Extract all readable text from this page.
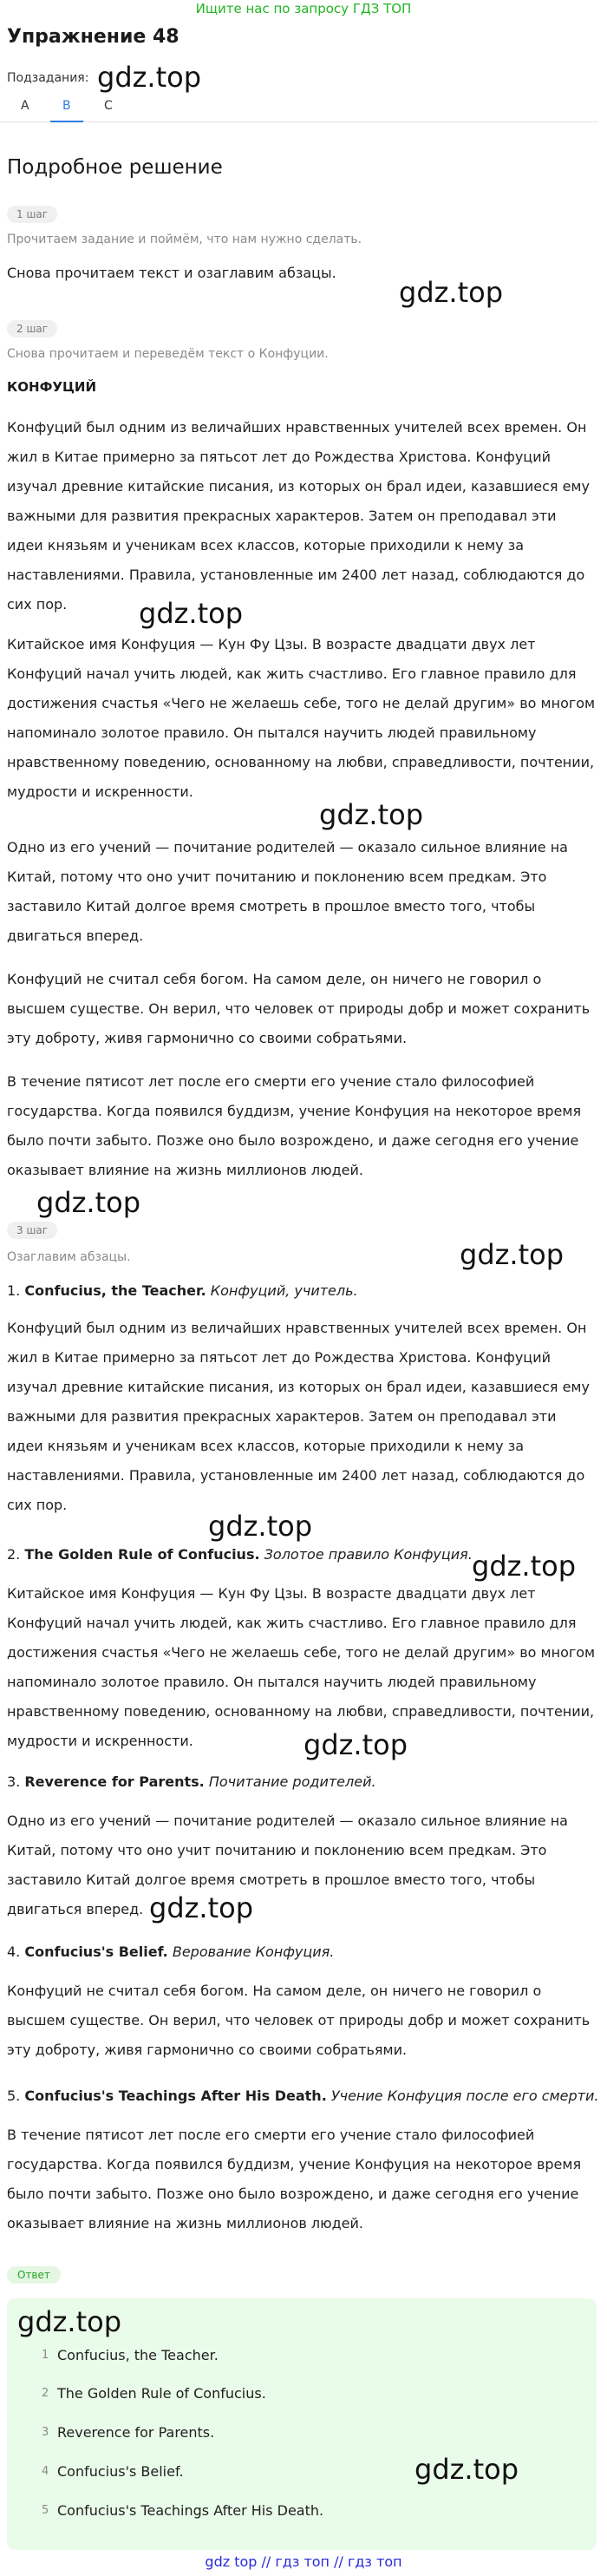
Ищите нас по запросу ГДЗ ТОП
Упражнение 48
Подзадания: gdz.top
A	B	C
Подробное решение
1 шаг
Прочитаем задание и поймём, что нам нужно сделать.
Снова прочитаем текст и озаглавим абзацы.
gdz.top
2 шаг
Снова прочитаем и переведём текст о Конфуции.
КОНФУЦИЙ

Конфуций был одним из величайших нравственных учителей всех времен. Он жил в Китае примерно за пятьсот лет до Рождества Христова. Конфуций изучал древние китайские писания, из которых он брал идеи, казавшиеся ему важными для развития прекрасных характеров. Затем он преподавал эти идеи князьям и ученикам всех классов, которые приходили к нему за наставлениями. Правила, установленные им 2400 лет назад, соблюдаются до сих пор.	gdz.top

Китайское имя Конфуция — Кун Фу Цзы. В возрасте двадцати двух лет Конфуций начал учить людей, как жить счастливо. Его главное правило для достижения счастья «Чего не желаешь себе, того не делай другим» во многом напоминало золотое правило. Он пытался научить людей правильному нравственному поведению, основанному на любви, справедливости, почтении, мудрости и искренности.

gdz.top

Одно из его учений — почитание родителей — оказало сильное влияние на Китай, потому что оно учит почитанию и поклонению всем предкам. Это заставило Китай долгое время смотреть в прошлое вместо того, чтобы двигаться вперед.

Конфуций не считал себя богом. На самом деле, он ничего не говорил о высшем существе. Он верил, что человек от природы добр и может сохранить эту доброту, живя гармонично со своими собратьями.

В течение пятисот лет после его смерти его учение стало философией государства. Когда появился буддизм, учение Конфуция на некоторое время было почти забыто. Позже оно было возрождено, и даже сегодня его учение оказывает влияние на жизнь миллионов людей.

gdz.top
3 шаг
gdz.top
Озаглавим абзацы.
1. Confucius, the Teacher. Конфуций, учитель.

Конфуций был одним из величайших нравственных учителей всех времен. Он жил в Китае примерно за пятьсот лет до Рождества Христова. Конфуций изучал древние китайские писания, из которых он брал идеи, казавшиеся ему важными для развития прекрасных характеров. Затем он преподавал эти идеи князьям и ученикам всех классов, которые приходили к нему за наставлениями. Правила, установленные им 2400 лет назад, соблюдаются до сих пор.

gdz.top
2. The Golden Rule of Confucius. Золотое правило Конфуция. gdz.top

Китайское имя Конфуция — Кун Фу Цзы. В возрасте двадцати двух лет Конфуций начал учить людей, как жить счастливо. Его главное правило для достижения счастья «Чего не желаешь себе, того не делай другим» во многом напоминало золотое правило. Он пытался научить людей правильному нравственному поведению, основанному на любви, справедливости, почтении, мудрости и искренности.	gdz.top
3. Reverence for Parents. Почитание родителей.

Одно из его учений — почитание родителей — оказало сильное влияние на Китай, потому что оно учит почитанию и поклонению всем предкам. Это заставило Китай долгое время смотреть в прошлое вместо того, чтобы двигаться вперед. gdz.top
4. Confucius's Belief. Верование Конфуция.

Конфуций не считал себя богом. На самом деле, он ничего не говорил о высшем существе. Он верил, что человек от природы добр и может сохранить эту доброту, живя гармонично со своими собратьями.

5. Confucius's Teachings After His Death. Учение Конфуция после его смерти.

В течение пятисот лет после его смерти его учение стало философией государства. Когда появился буддизм, учение Конфуция на некоторое время было почти забыто. Позже оно было возрождено, и даже сегодня его учение оказывает влияние на жизнь миллионов людей.

Ответ
gdz.top
1 Confucius, the Teacher.
2 The Golden Rule of Confucius.
3 Reverence for Parents.
4 Confucius's Belief.	gdz.top
5 Confucius's Teachings After His Death.
gdz top // гдз топ // гдз топ
